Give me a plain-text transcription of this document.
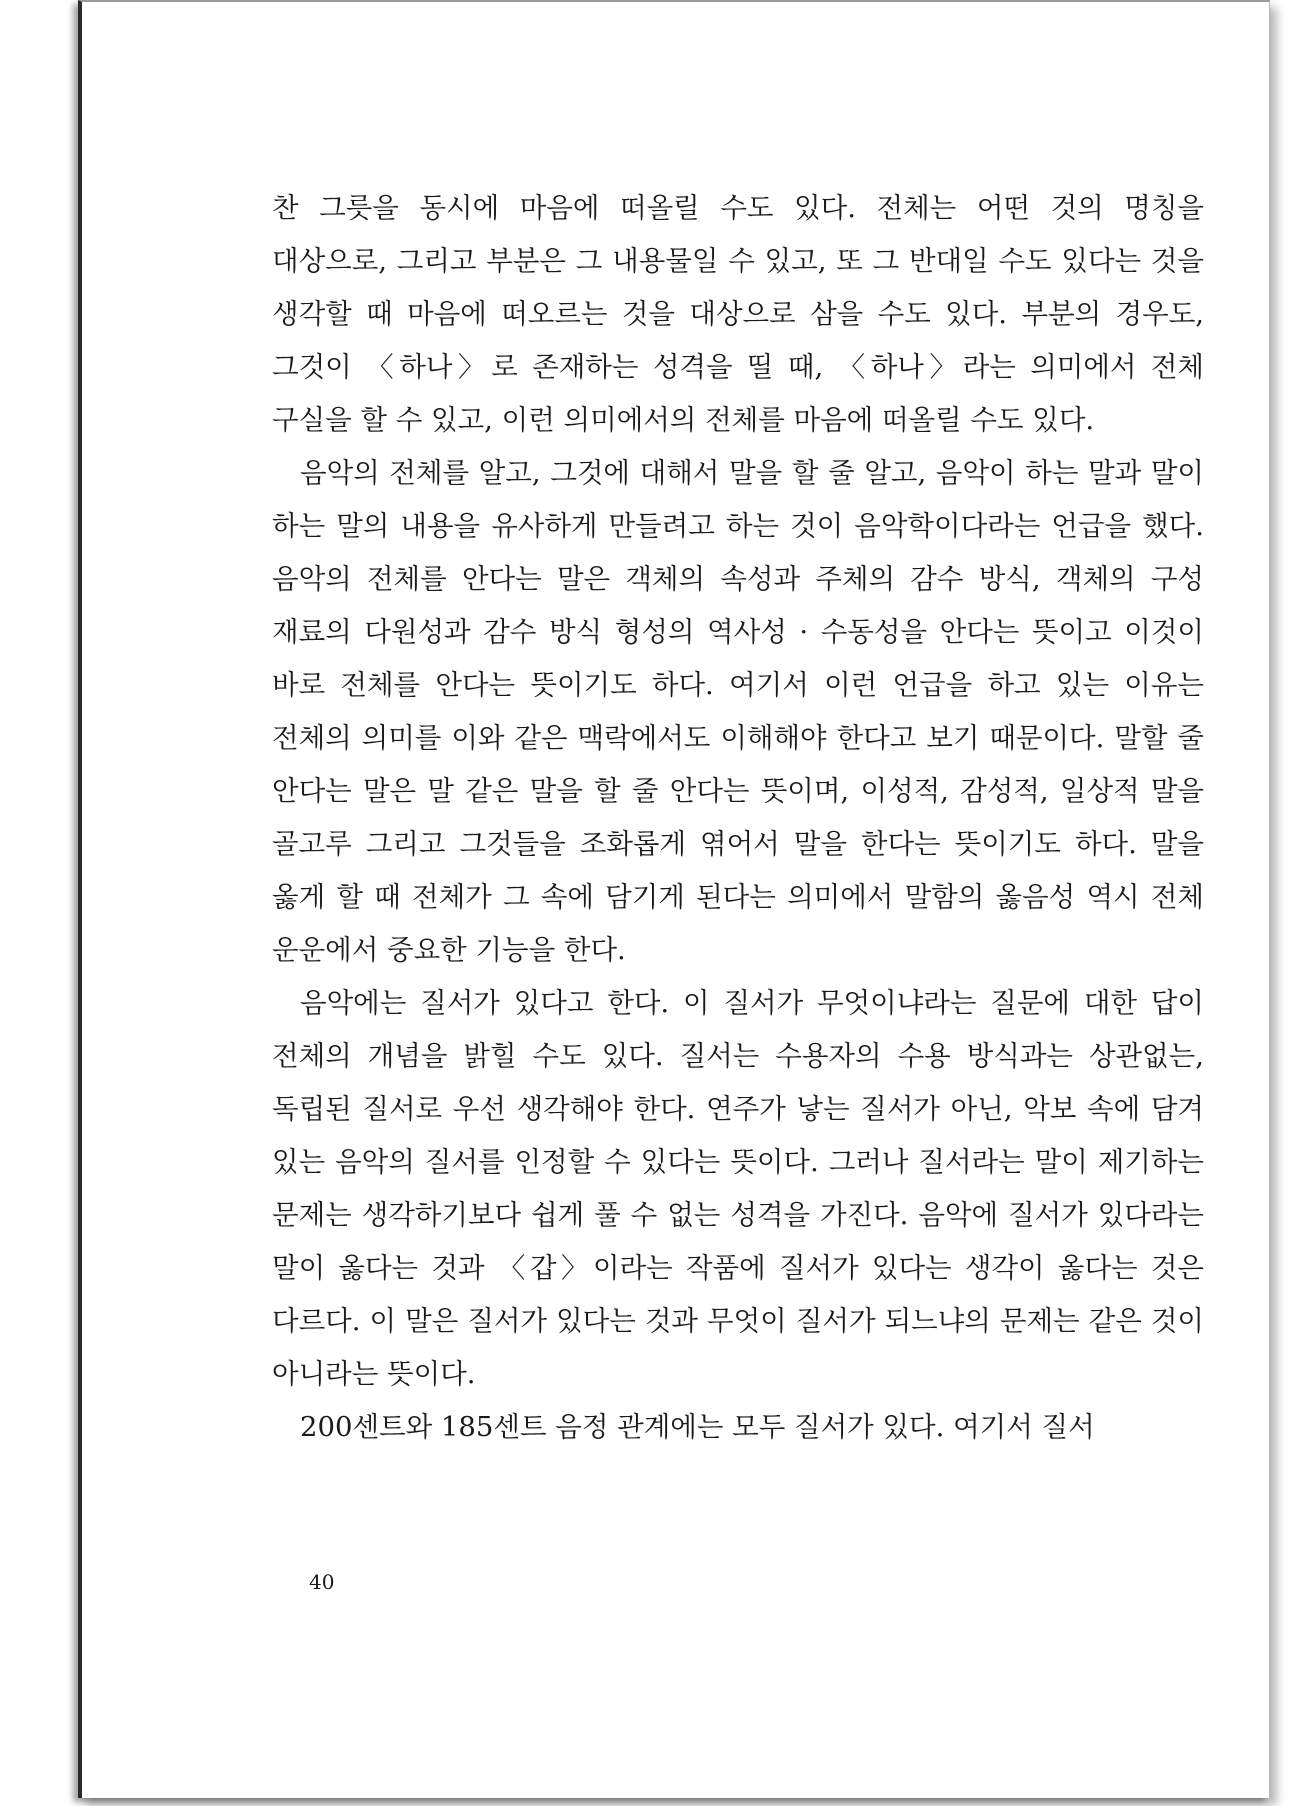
찬 그릇을 동시에 마음에 떠올릴 수도 있다. 전체는 어떤 것의 명칭을 대상으로, 그리고 부분은 그 내용물일 수 있고, 또 그 반대일 수도 있다는 것을 생각할 때 마음에 떠오르는 것을 대상으로 삼을 수도 있다. 부분의 경우도, 그것이 〈하나〉로 존재하는 성격을 띨 때, 〈하나〉라는 의미에서 전체 구실을 할 수 있고, 이런 의미에서의 전체를 마음에 떠올릴 수도 있다.

음악의 전체를 알고, 그것에 대해서 말을 할 줄 알고, 음악이 하는 말과 말이 하는 말의 내용을 유사하게 만들려고 하는 것이 음악학이다라는 언급을 했다. 음악의 전체를 안다는 말은 객체의 속성과 주체의 감수 방식, 객체의 구성 재료의 다원성과 감수 방식 형성의 역사성 · 수동성을 안다는 뜻이고 이것이 바로 전체를 안다는 뜻이기도 하다. 여기서 이런 언급을 하고 있는 이유는 전체의 의미를 이와 같은 맥락에서도 이해해야 한다고 보기 때문이다. 말할 줄 안다는 말은 말 같은 말을 할 줄 안다는 뜻이며, 이성적, 감성적, 일상적 말을 골고루 그리고 그것들을 조화롭게 엮어서 말을 한다는 뜻이기도 하다. 말을 옳게 할 때 전체가 그 속에 담기게 된다는 의미에서 말함의 옳음성 역시 전체 운운에서 중요한 기능을 한다.

음악에는 질서가 있다고 한다. 이 질서가 무엇이냐라는 질문에 대한 답이 전체의 개념을 밝힐 수도 있다. 질서는 수용자의 수용 방식과는 상관없는, 독립된 질서로 우선 생각해야 한다. 연주가 낳는 질서가 아닌, 악보 속에 담겨 있는 음악의 질서를 인정할 수 있다는 뜻이다. 그러나 질서라는 말이 제기하는 문제는 생각하기보다 쉽게 풀 수 없는 성격을 가진다. 음악에 질서가 있다라는 말이 옳다는 것과 〈갑〉이라는 작품에 질서가 있다는 생각이 옳다는 것은 다르다. 이 말은 질서가 있다는 것과 무엇이 질서가 되느냐의 문제는 같은 것이 아니라는 뜻이다.

200센트와 185센트 음정 관계에는 모두 질서가 있다. 여기서 질서

40
